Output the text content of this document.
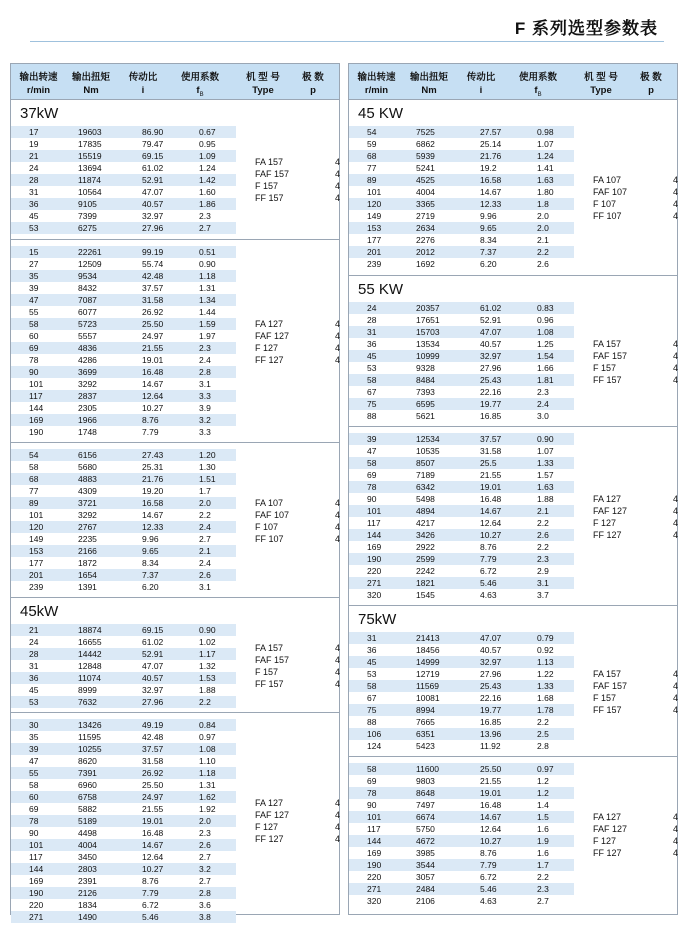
F 系列选型参数表
输出转速
r/min
输出扭矩
Nm
传动比
i
使用系数
$f_B$
机 型 号
Type
极 数
p
37kW
17	19603	86.90	0.67
19	17835	79.47	0.95
21	15519	69.15	1.09
24	13694	61.02	1.24
28	11874	52.91	1.42
31	10564	47.07	1.60
36	9105	40.57	1.86
45	7399	32.97	2.3
53	6275	27.96	2.7
FA 157	4
FAF 157	4
F 157	4
FF 157	4
15	22261	99.19	0.51
27	12509	55.74	0.90
35	9534	42.48	1.18
39	8432	37.57	1.31
47	7087	31.58	1.34
55	6077	26.92	1.44
58	5723	25.50	1.59
60	5557	24.97	1.97
69	4836	21.55	2.3
78	4286	19.01	2.4
90	3699	16.48	2.8
101	3292	14.67	3.1
117	2837	12.64	3.3
144	2305	10.27	3.9
169	1966	8.76	3.2
190	1748	7.79	3.3
FA 127	4
FAF 127	4
F 127	4
FF 127	4
54	6156	27.43	1.20
58	5680	25.31	1.30
68	4883	21.76	1.51
77	4309	19.20	1.7
89	3721	16.58	2.0
101	3292	14.67	2.2
120	2767	12.33	2.4
149	2235	9.96	2.7
153	2166	9.65	2.1
177	1872	8.34	2.4
201	1654	7.37	2.6
239	1391	6.20	3.1
FA 107	4
FAF 107	4
F 107	4
FF 107	4
45kW
21	18874	69.15	0.90
24	16655	61.02	1.02
28	14442	52.91	1.17
31	12848	47.07	1.32
36	11074	40.57	1.53
45	8999	32.97	1.88
53	7632	27.96	2.2
FA 157	4
FAF 157	4
F 157	4
FF 157	4
30	13426	49.19	0.84
35	11595	42.48	0.97
39	10255	37.57	1.08
47	8620	31.58	1.10
55	7391	26.92	1.18
58	6960	25.50	1.31
60	6758	24.97	1.62
69	5882	21.55	1.92
78	5189	19.01	2.0
90	4498	16.48	2.3
101	4004	14.67	2.6
117	3450	12.64	2.7
144	2803	10.27	3.2
169	2391	8.76	2.7
190	2126	7.79	2.8
220	1834	6.72	3.6
271	1490	5.46	3.8
FA 127	4
FAF 127	4
F 127	4
FF 127	4
输出转速
r/min
输出扭矩
Nm
传动比
i
使用系数
$f_B$
机 型 号
Type
极 数
p
45 KW
54	7525	27.57	0.98
59	6862	25.14	1.07
68	5939	21.76	1.24
77	5241	19.2	1.41
89	4525	16.58	1.63
101	4004	14.67	1.80
120	3365	12.33	1.8
149	2719	9.96	2.0
153	2634	9.65	2.0
177	2276	8.34	2.1
201	2012	7.37	2.2
239	1692	6.20	2.6
FA 107	4
FAF 107	4
F 107	4
FF 107	4
55 KW
24	20357	61.02	0.83
28	17651	52.91	0.96
31	15703	47.07	1.08
36	13534	40.57	1.25
45	10999	32.97	1.54
53	9328	27.96	1.66
58	8484	25.43	1.81
67	7393	22.16	2.3
75	6595	19.77	2.4
88	5621	16.85	3.0
FA 157	4
FAF 157	4
F 157	4
FF 157	4
39	12534	37.57	0.90
47	10535	31.58	1.07
58	8507	25.5	1.33
69	7189	21.55	1.57
78	6342	19.01	1.63
90	5498	16.48	1.88
101	4894	14.67	2.1
117	4217	12.64	2.2
144	3426	10.27	2.6
169	2922	8.76	2.2
190	2599	7.79	2.3
220	2242	6.72	2.9
271	1821	5.46	3.1
320	1545	4.63	3.7
FA 127	4
FAF 127	4
F 127	4
FF 127	4
75kW
31	21413	47.07	0.79
36	18456	40.57	0.92
45	14999	32.97	1.13
53	12719	27.96	1.22
58	11569	25.43	1.33
67	10081	22.16	1.68
75	8994	19.77	1.78
88	7665	16.85	2.2
106	6351	13.96	2.5
124	5423	11.92	2.8
FA 157	4
FAF 157	4
F 157	4
FF 157	4
58	11600	25.50	0.97
69	9803	21.55	1.2
78	8648	19.01	1.2
90	7497	16.48	1.4
101	6674	14.67	1.5
117	5750	12.64	1.6
144	4672	10.27	1.9
169	3985	8.76	1.6
190	3544	7.79	1.7
220	3057	6.72	2.2
271	2484	5.46	2.3
320	2106	4.63	2.7
FA 127	4
FAF 127	4
F 127	4
FF 127	4
